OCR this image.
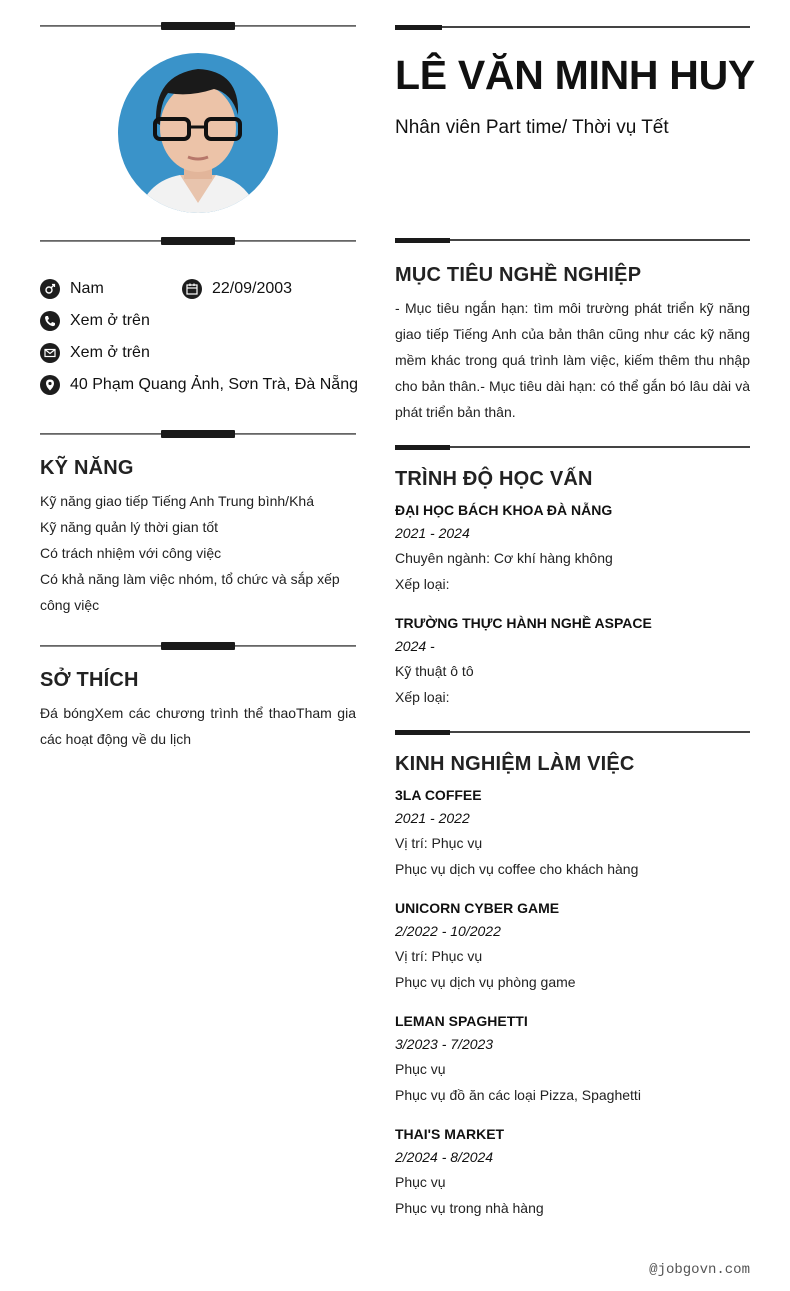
Nam	22/09/2003
Xem ở trên
Xem ở trên
40 Phạm Quang Ảnh, Sơn Trà, Đà Nẵng
KỸ NĂNG
Kỹ năng giao tiếp Tiếng Anh Trung bình/Khá
Kỹ năng quản lý thời gian tốt
Có trách nhiệm với công việc
Có khả năng làm việc nhóm, tổ chức và sắp xếp công việc
SỞ THÍCH
Đá bóngXem các chương trình thể thaoTham gia các hoạt động về du lịch
LÊ VĂN MINH HUY
Nhân viên Part time/ Thời vụ Tết
MỤC TIÊU NGHỀ NGHIỆP
- Mục tiêu ngắn hạn: tìm môi trường phát triển kỹ năng giao tiếp Tiếng Anh của bản thân cũng như các kỹ năng mềm khác trong quá trình làm việc, kiếm thêm thu nhập cho bản thân.- Mục tiêu dài hạn: có thể gắn bó lâu dài và phát triển bản thân.
TRÌNH ĐỘ HỌC VẤN
ĐẠI HỌC BÁCH KHOA ĐÀ NẴNG
2021 - 2024
Chuyên ngành: Cơ khí hàng không
Xếp loại:
TRƯỜNG THỰC HÀNH NGHỀ ASPACE
2024 -
Kỹ thuật ô tô
Xếp loại:
KINH NGHIỆM LÀM VIỆC
3LA COFFEE
2021 - 2022
Vị trí: Phục vụ
Phục vụ dịch vụ coffee cho khách hàng
UNICORN CYBER GAME
2/2022 - 10/2022
Vị trí: Phục vụ
Phục vụ dịch vụ phòng game
LEMAN SPAGHETTI
3/2023 - 7/2023
Phục vụ
Phục vụ đồ ăn các loại Pizza, Spaghetti
THAI'S MARKET
2/2024 - 8/2024
Phục vụ
Phục vụ trong nhà hàng
@jobgovn.com
